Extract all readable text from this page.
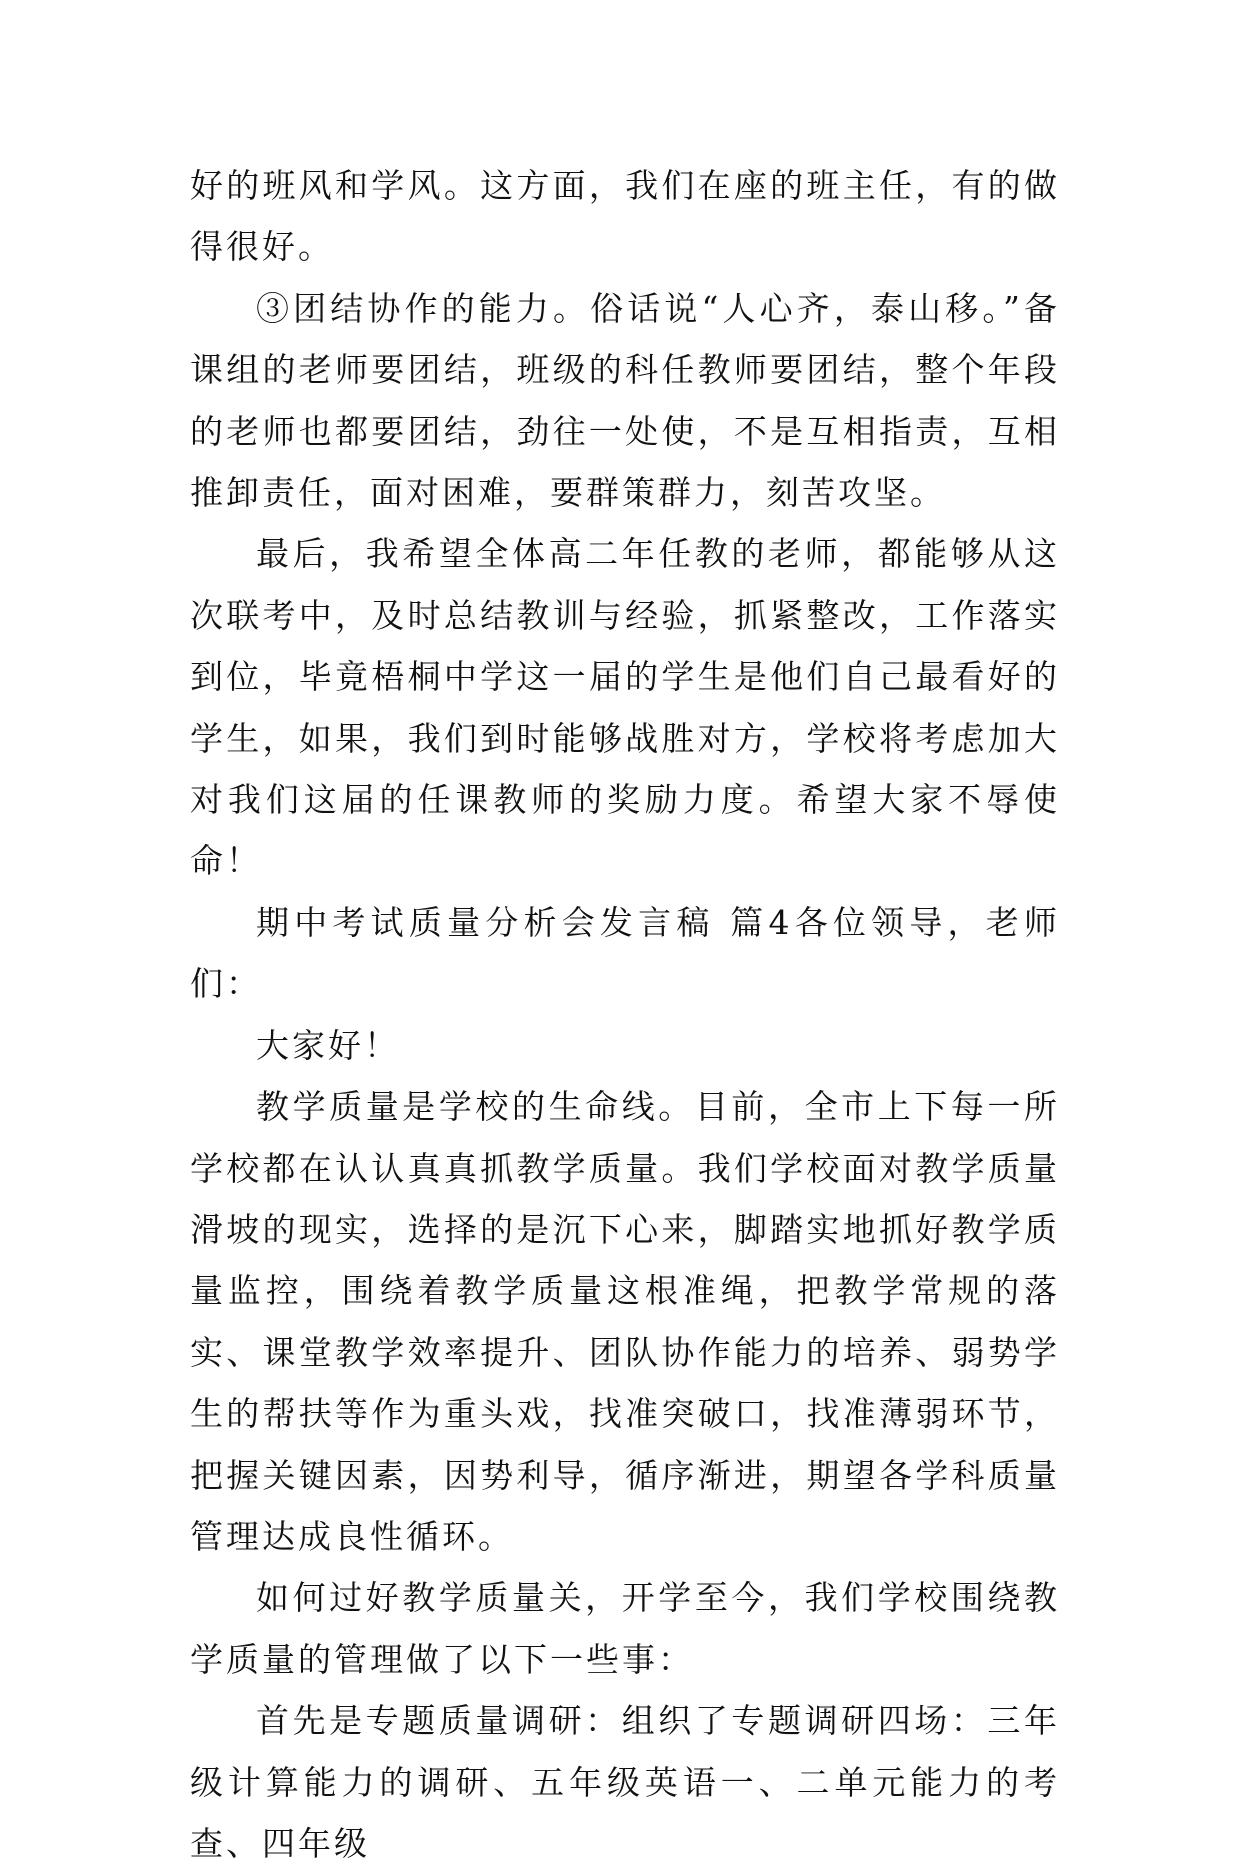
好的班风和学风。这方面，我们在座的班主任，有的做得很好。

③团结协作的能力。俗话说“人心齐，泰山移。”备课组的老师要团结，班级的科任教师要团结，整个年段的老师也都要团结，劲往一处使，不是互相指责，互相推卸责任，面对困难，要群策群力，刻苦攻坚。

最后，我希望全体高二年任教的老师，都能够从这次联考中，及时总结教训与经验，抓紧整改，工作落实到位，毕竟梧桐中学这一届的学生是他们自己最看好的学生，如果，我们到时能够战胜对方，学校将考虑加大对我们这届的任课教师的奖励力度。希望大家不辱使命！

期中考试质量分析会发言稿 篇4各位领导，老师们：

大家好！

教学质量是学校的生命线。目前，全市上下每一所学校都在认认真真抓教学质量。我们学校面对教学质量滑坡的现实，选择的是沉下心来，脚踏实地抓好教学质量监控，围绕着教学质量这根准绳，把教学常规的落实、课堂教学效率提升、团队协作能力的培养、弱势学生的帮扶等作为重头戏，找准突破口，找准薄弱环节，把握关键因素，因势利导，循序渐进，期望各学科质量管理达成良性循环。

如何过好教学质量关，开学至今，我们学校围绕教学质量的管理做了以下一些事：

首先是专题质量调研：组织了专题调研四场：三年级计算能力的调研、五年级英语一、二单元能力的考查、四年级
